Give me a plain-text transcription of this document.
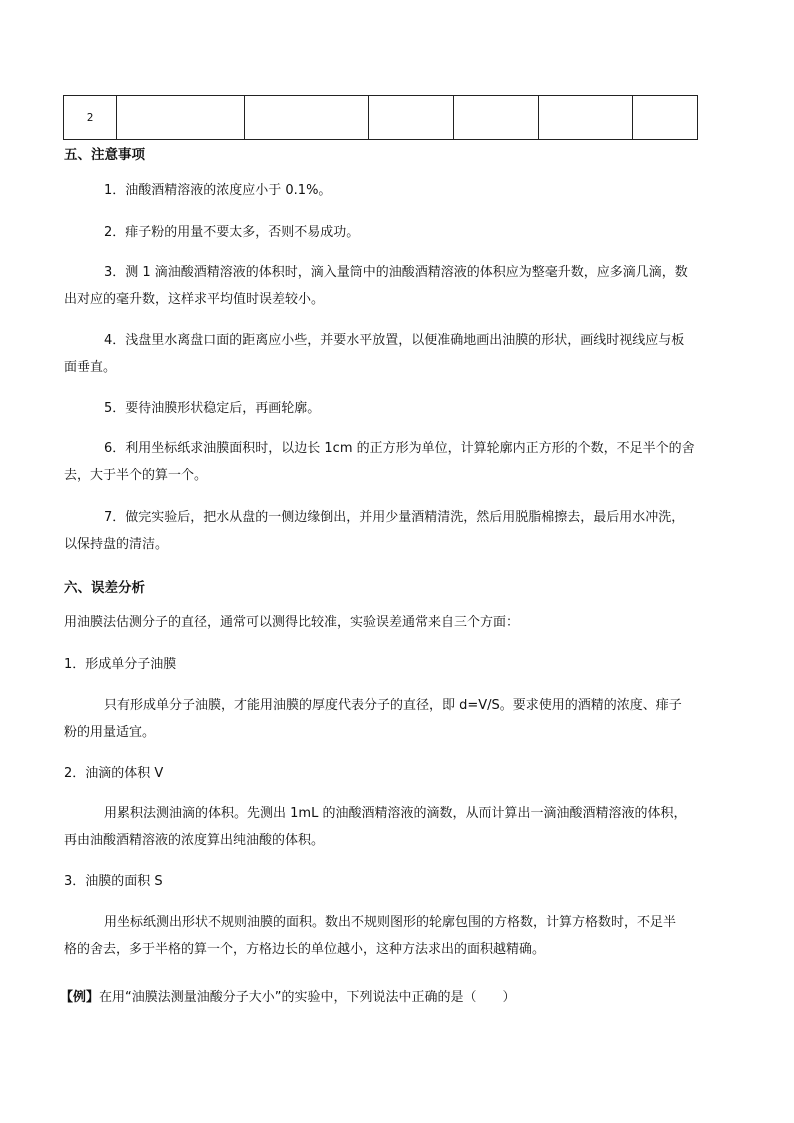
2						
五、注意事项
1．油酸酒精溶液的浓度应小于 0.1%。
2．痱子粉的用量不要太多，否则不易成功。
3．测 1 滴油酸酒精溶液的体积时，滴入量筒中的油酸酒精溶液的体积应为整毫升数，应多滴几滴，数
出对应的毫升数，这样求平均值时误差较小。
4．浅盘里水离盘口面的距离应小些，并要水平放置，以便准确地画出油膜的形状，画线时视线应与板
面垂直。
5．要待油膜形状稳定后，再画轮廓。
6．利用坐标纸求油膜面积时，以边长 1cm 的正方形为单位，计算轮廓内正方形的个数，不足半个的舍
去，大于半个的算一个。
7．做完实验后，把水从盘的一侧边缘倒出，并用少量酒精清洗，然后用脱脂棉擦去，最后用水冲洗，
以保持盘的清洁。
六、误差分析
用油膜法估测分子的直径，通常可以测得比较准，实验误差通常来自三个方面：
1．形成单分子油膜
只有形成单分子油膜，才能用油膜的厚度代表分子的直径，即 d=V/S。要求使用的酒精的浓度、痱子
粉的用量适宜。
2．油滴的体积 V
用累积法测油滴的体积。先测出 1mL 的油酸酒精溶液的滴数，从而计算出一滴油酸酒精溶液的体积，
再由油酸酒精溶液的浓度算出纯油酸的体积。
3．油膜的面积 S
用坐标纸测出形状不规则油膜的面积。数出不规则图形的轮廓包围的方格数，计算方格数时，不足半
格的舍去，多于半格的算一个，方格边长的单位越小，这种方法求出的面积越精确。
【例】在用“油膜法测量油酸分子大小”的实验中，下列说法中正确的是（　　）
